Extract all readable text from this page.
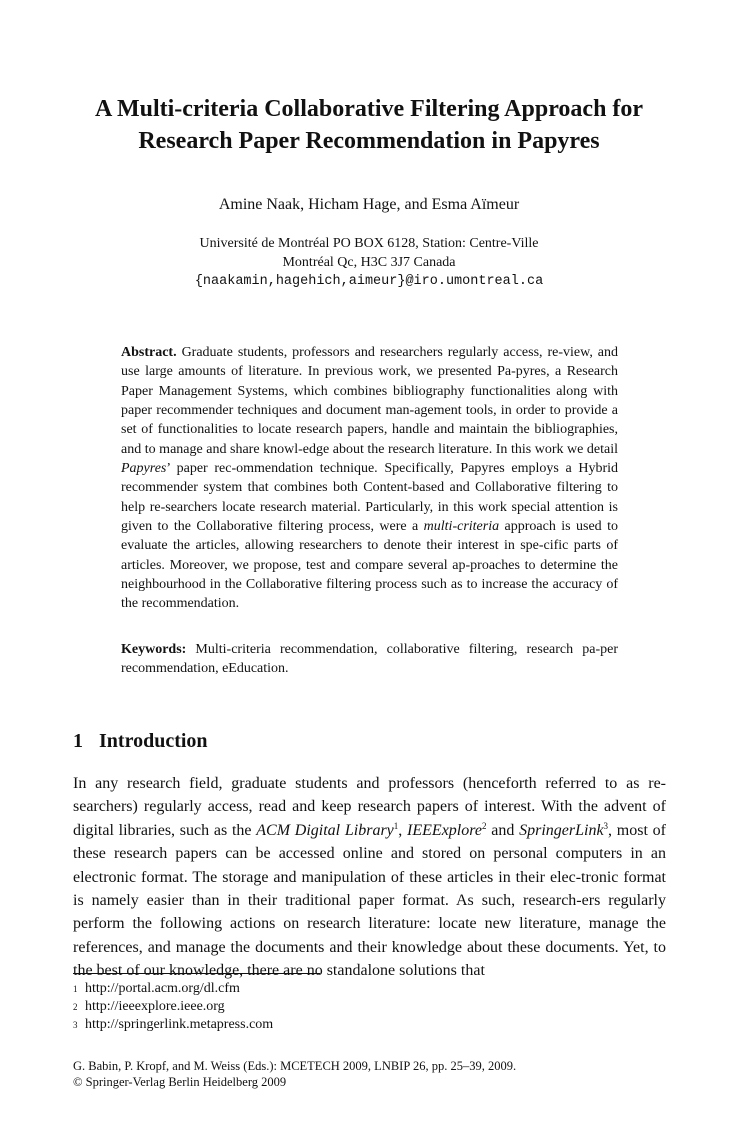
A Multi-criteria Collaborative Filtering Approach for
Research Paper Recommendation in Papyres
Amine Naak, Hicham Hage, and Esma Aïmeur
Université de Montréal PO BOX 6128, Station: Centre-Ville
Montréal Qc, H3C 3J7 Canada
{naakamin,hagehich,aimeur}@iro.umontreal.ca
Abstract. Graduate students, professors and researchers regularly access, re-view, and use large amounts of literature. In previous work, we presented Pa-pyres, a Research Paper Management Systems, which combines bibliography functionalities along with paper recommender techniques and document man-agement tools, in order to provide a set of functionalities to locate research papers, handle and maintain the bibliographies, and to manage and share knowl-edge about the research literature. In this work we detail Papyres’ paper rec-ommendation technique. Specifically, Papyres employs a Hybrid recommender system that combines both Content-based and Collaborative filtering to help re-searchers locate research material. Particularly, in this work special attention is given to the Collaborative filtering process, were a multi-criteria approach is used to evaluate the articles, allowing researchers to denote their interest in spe-cific parts of articles. Moreover, we propose, test and compare several ap-proaches to determine the neighbourhood in the Collaborative filtering process such as to increase the accuracy of the recommendation.
Keywords: Multi-criteria recommendation, collaborative filtering, research pa-per recommendation, eEducation.
1 Introduction
In any research field, graduate students and professors (henceforth referred to as re-searchers) regularly access, read and keep research papers of interest. With the advent of digital libraries, such as the ACM Digital Library$^1$, IEEExplore$^2$ and SpringerLink$^3$, most of these research papers can be accessed online and stored on personal computers in an electronic format. The storage and manipulation of these articles in their elec-tronic format is namely easier than in their traditional paper format. As such, research-ers regularly perform the following actions on research literature: locate new literature, manage the references, and manage the documents and their knowledge about these documents. Yet, to the best of our knowledge, there are no standalone solutions that
1 http://portal.acm.org/dl.cfm
2 http://ieeexplore.ieee.org
3 http://springerlink.metapress.com
G. Babin, P. Kropf, and M. Weiss (Eds.): MCETECH 2009, LNBIP 26, pp. 25–39, 2009.
© Springer-Verlag Berlin Heidelberg 2009
